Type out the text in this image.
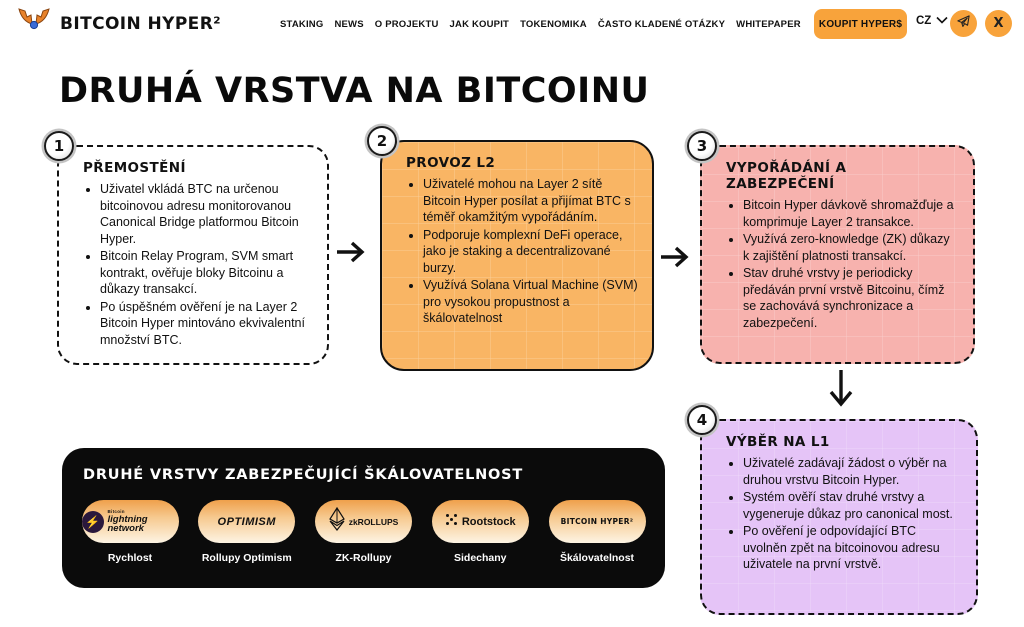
BITCOIN HYPER²	STAKING NEWS O PROJEKTU JAK KOUPIT TOKENOMIKA ČASTO KLADENÉ OTÁZKY WHITEPAPER	KOUPIT HYPER$	CZ	X
DRUHÁ VRSTVA NA BITCOINU
1
PŘEMOSTĚNÍ
• Uživatel vkládá BTC na určenou bitcoinovou adresu monitorovanou Canonical Bridge platformou Bitcoin Hyper.
• Bitcoin Relay Program, SVM smart kontrakt, ověřuje bloky Bitcoinu a důkazy transakcí.
• Po úspěšném ověření je na Layer 2 Bitcoin Hyper mintováno ekvivalentní množství BTC.
2
PROVOZ L2
• Uživatelé mohou na Layer 2 sítě Bitcoin Hyper posílat a přijímat BTC s téměř okamžitým vypořádáním.
• Podporuje komplexní DeFi operace, jako je staking a decentralizované burzy.
• Využívá Solana Virtual Machine (SVM) pro vysokou propustnost a škálovatelnost
3
VYPOŘÁDÁNÍ A ZABEZPEČENÍ
• Bitcoin Hyper dávkově shromažďuje a komprimuje Layer 2 transakce.
• Využívá zero-knowledge (ZK) důkazy k zajištění platnosti transakcí.
• Stav druhé vrstvy je periodicky předáván první vrstvě Bitcoinu, čímž se zachovává synchronizace a zabezpečení.
4
VÝBĚR NA L1
• Uživatelé zadávají žádost o výběr na druhou vrstvu Bitcoin Hyper.
• Systém ověří stav druhé vrstvy a vygeneruje důkaz pro canonical most.
• Po ověření je odpovídající BTC uvolněn zpět na bitcoinovou adresu uživatele na první vrstvě.
DRUHÉ VRSTVY ZABEZPEČUJÍCÍ ŠKÁLOVATELNOST
⚡
Bitcoin
lightning network
Rychlost
OPTIMISM
Rollupy Optimism
zkROLLUPS
ZK-Rollupy
Rootstock
Sidechany
BITCOIN HYPER²
Škálovatelnost
